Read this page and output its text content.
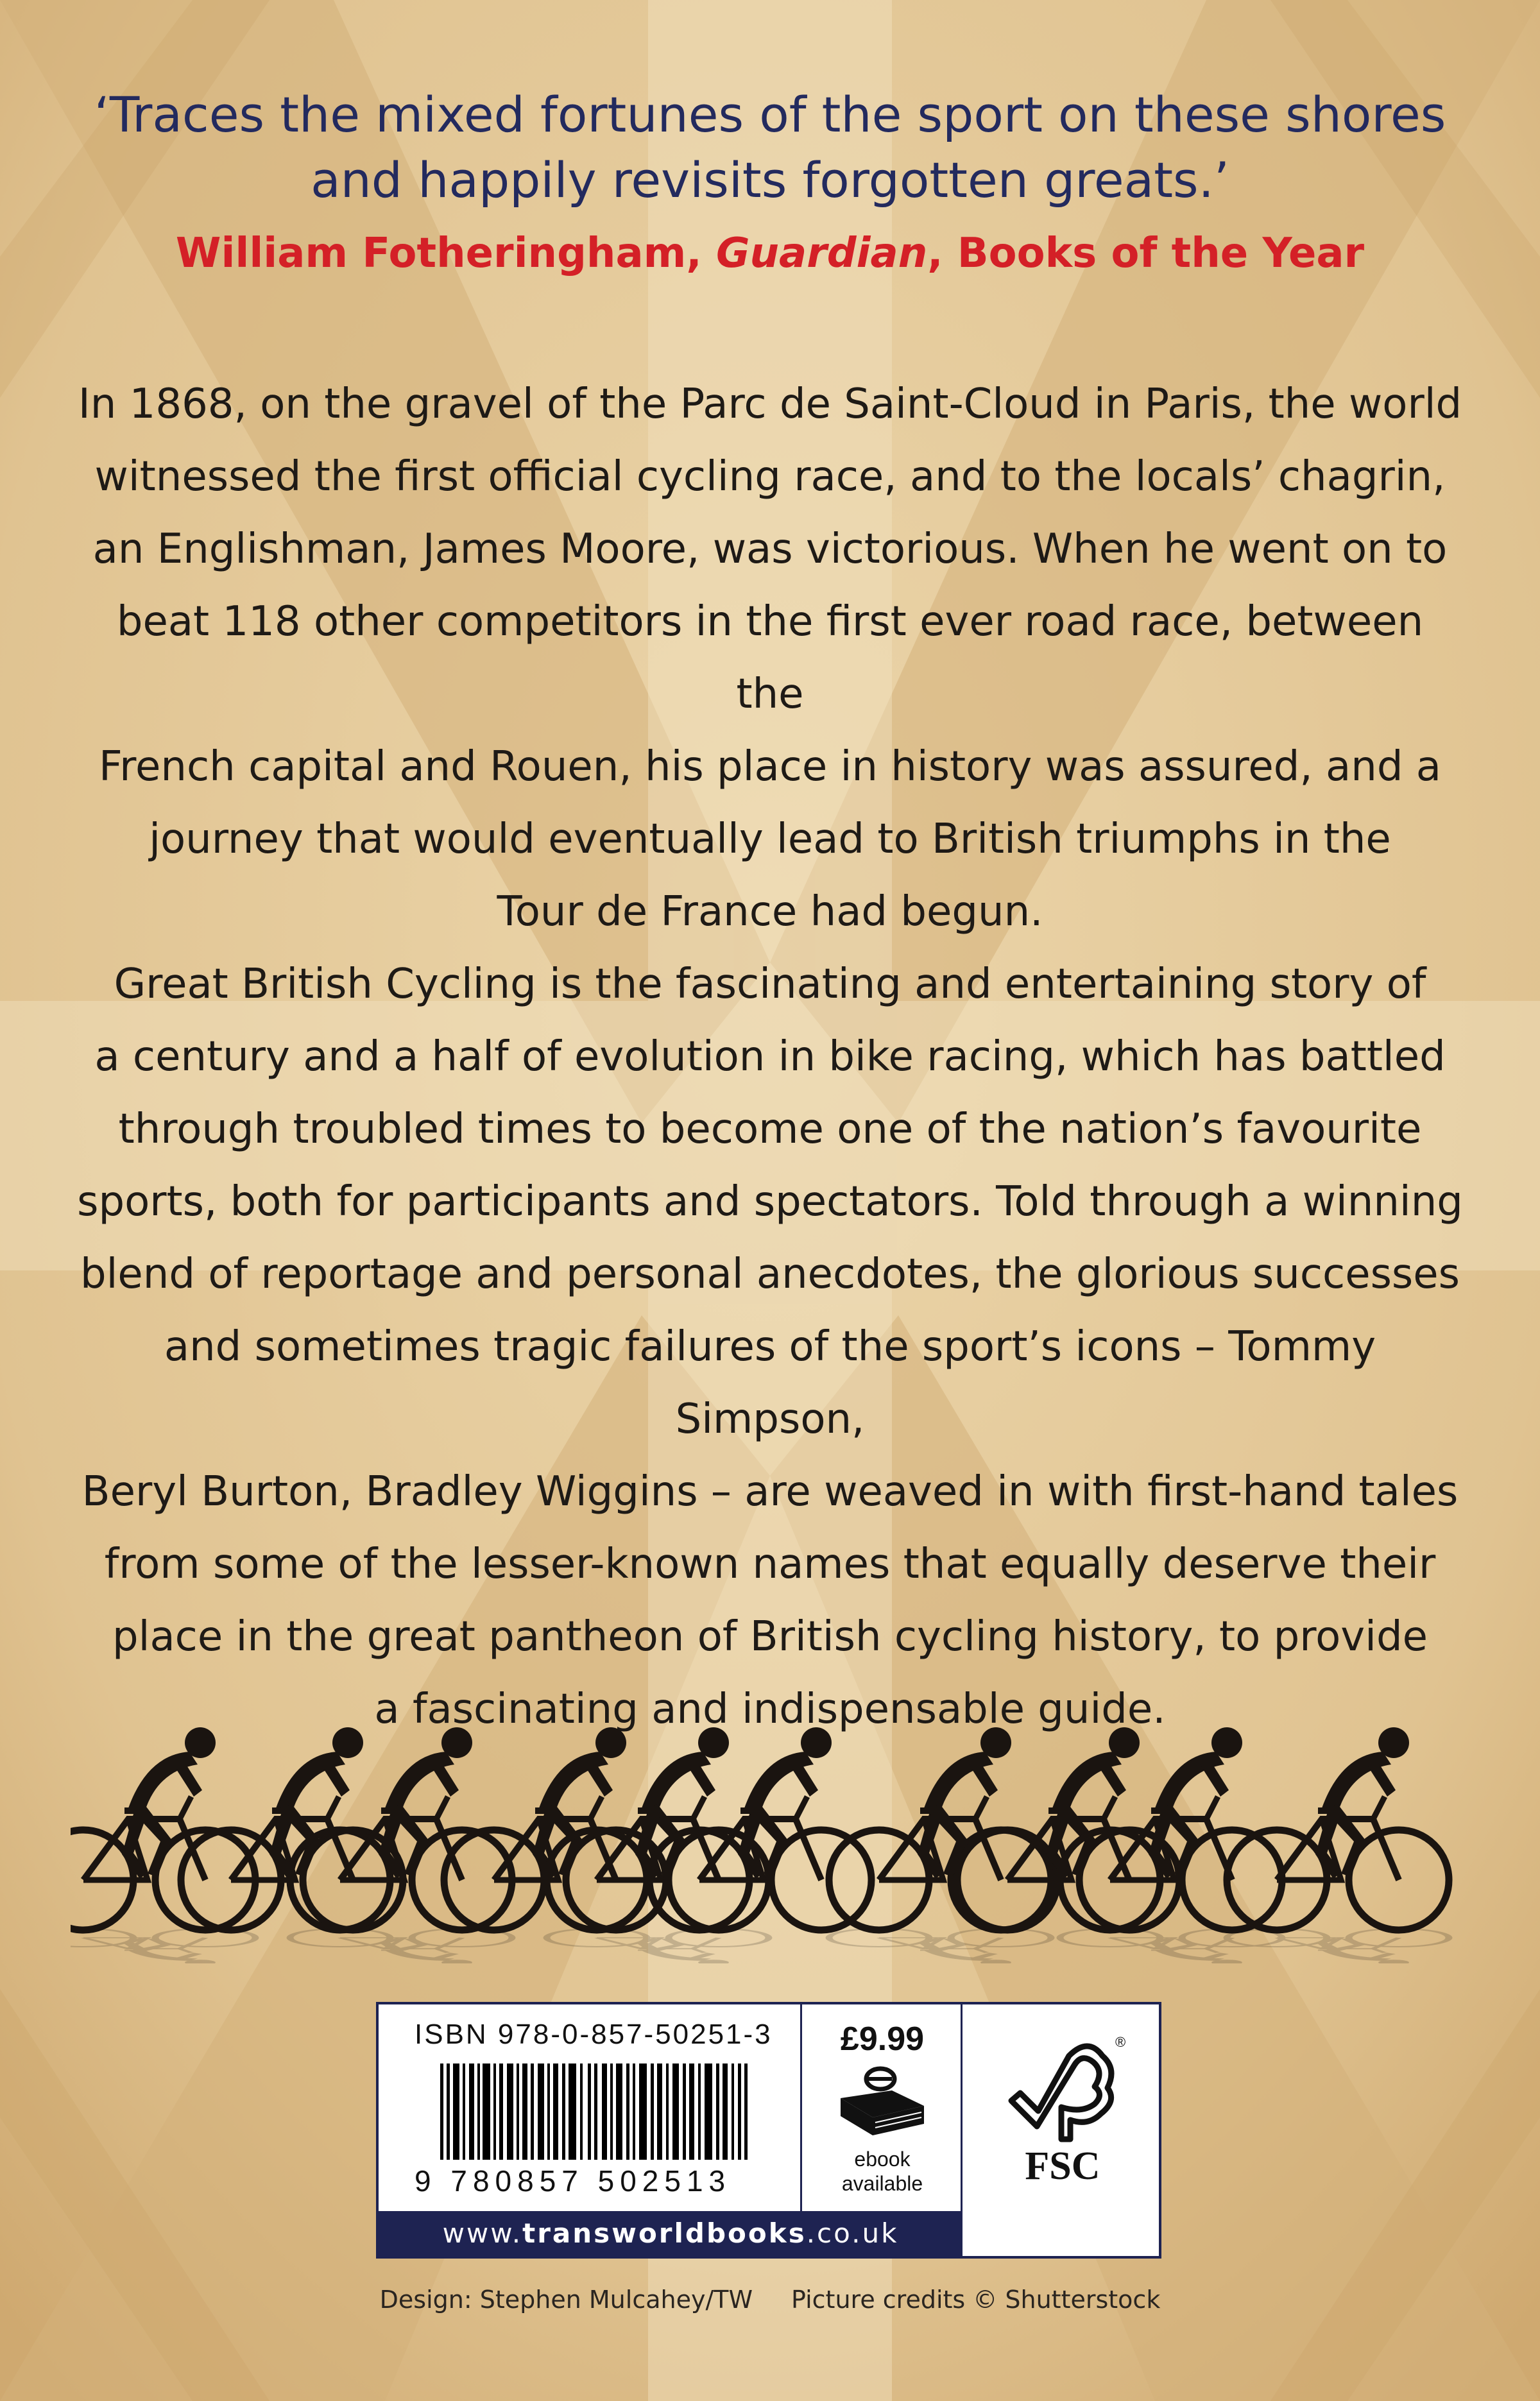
‘Traces the mixed fortunes of the sport on these shores
and happily revisits forgotten greats.’
William Fotheringham, Guardian, Books of the Year
In 1868, on the gravel of the Parc de Saint-Cloud in Paris, the world
witnessed the first official cycling race, and to the locals’ chagrin,
an Englishman, James Moore, was victorious. When he went on to
beat 118 other competitors in the first ever road race, between the
French capital and Rouen, his place in history was assured, and a
journey that would eventually lead to British triumphs in the
Tour de France had begun.
Great British Cycling is the fascinating and entertaining story of
a century and a half of evolution in bike racing, which has battled
through troubled times to become one of the nation’s favourite
sports, both for participants and spectators. Told through a winning
blend of reportage and personal anecdotes, the glorious successes
and sometimes tragic failures of the sport’s icons – Tommy Simpson,
Beryl Burton, Bradley Wiggins – are weaved in with first-hand tales
from some of the lesser-known names that equally deserve their
place in the great pantheon of British cycling history, to provide
a fascinating and indispensable guide.
ISBN 978-0-857-50251-3
9 780857 502513
£9.99
ebook
available
®
FSC
www.transworldbooks.co.uk
Design: Stephen Mulcahey/TW Picture credits © Shutterstock
